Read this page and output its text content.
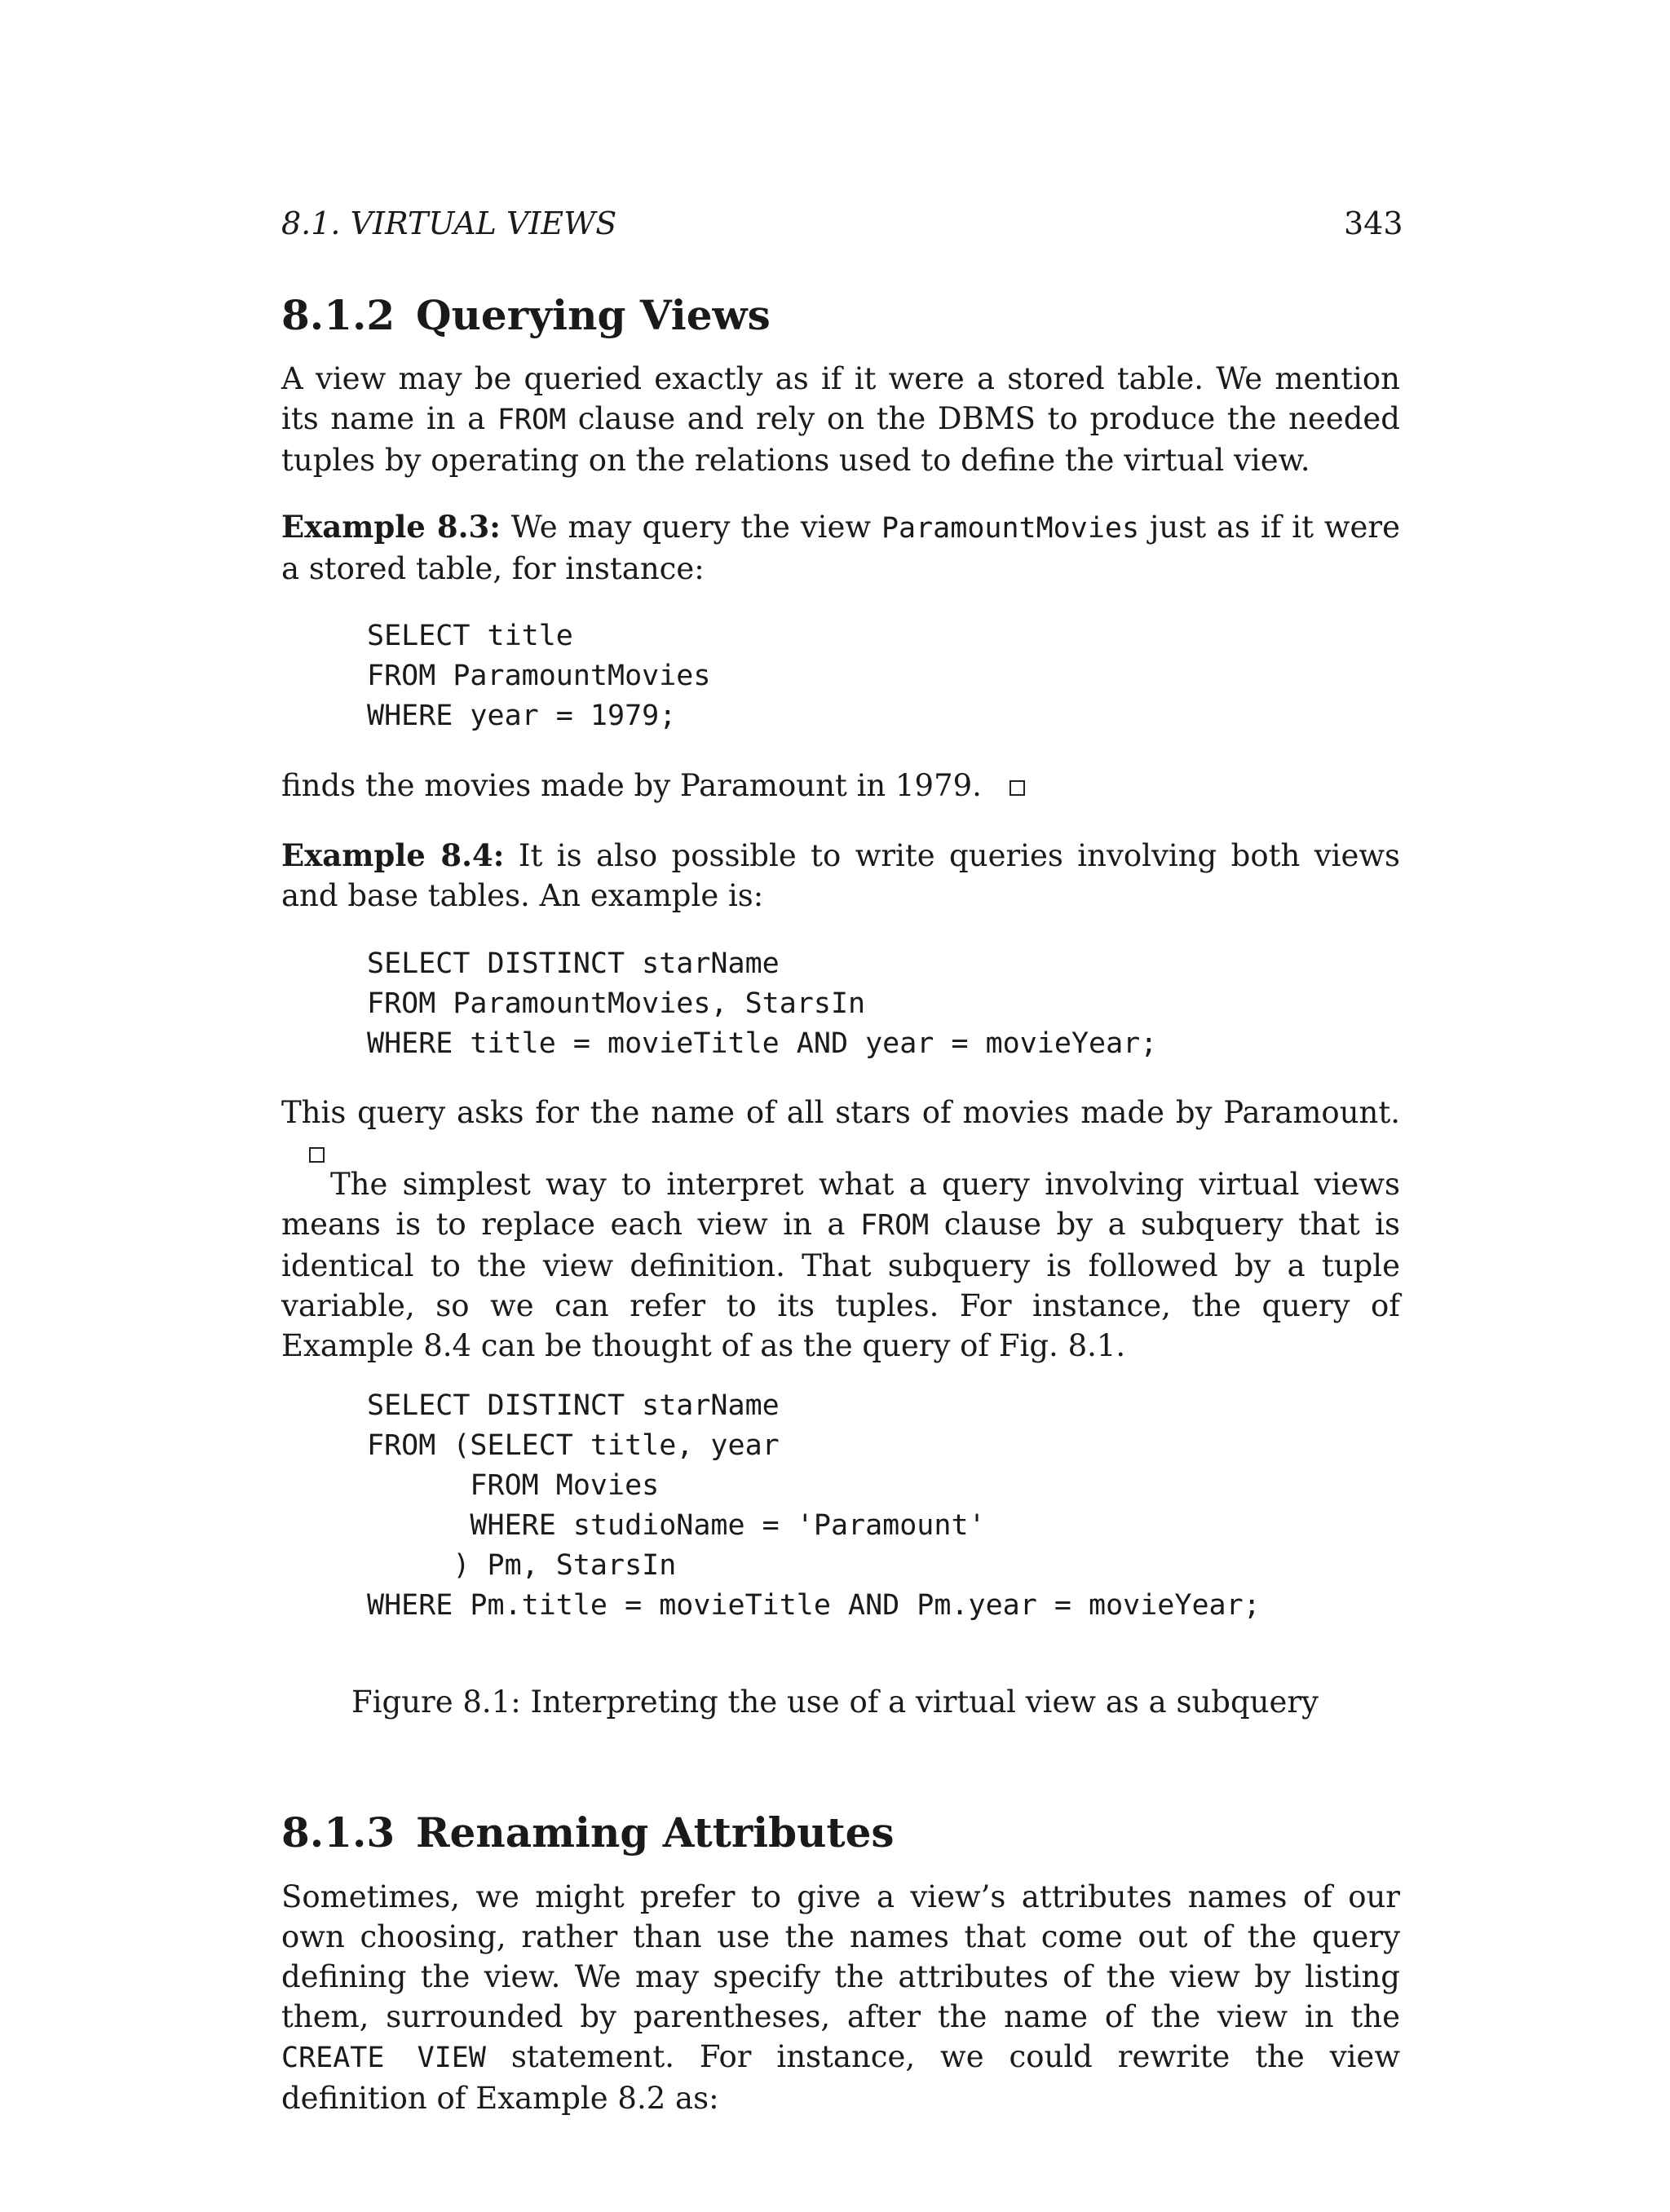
8.1. VIRTUAL VIEWS	343
8.1.2 Querying Views

A view may be queried exactly as if it were a stored table. We mention its name in a FROM clause and rely on the DBMS to produce the needed tuples by operating on the relations used to define the virtual view.

Example 8.3: We may query the view ParamountMovies just as if it were a stored table, for instance:

SELECT title
FROM ParamountMovies
WHERE year = 1979;

finds the movies made by Paramount in 1979.

Example 8.4: It is also possible to write queries involving both views and base tables. An example is:

SELECT DISTINCT starName
FROM ParamountMovies, StarsIn
WHERE title = movieTitle AND year = movieYear;

This query asks for the name of all stars of movies made by Paramount.

The simplest way to interpret what a query involving virtual views means is to replace each view in a FROM clause by a subquery that is identical to the view definition. That subquery is followed by a tuple variable, so we can refer to its tuples. For instance, the query of Example 8.4 can be thought of as the query of Fig. 8.1.

SELECT DISTINCT starName
FROM (SELECT title, year
FROM Movies
WHERE studioName = 'Paramount'
) Pm, StarsIn
WHERE Pm.title = movieTitle AND Pm.year = movieYear;
Figure 8.1: Interpreting the use of a virtual view as a subquery
8.1.3 Renaming Attributes

Sometimes, we might prefer to give a view’s attributes names of our own choosing, rather than use the names that come out of the query defining the view. We may specify the attributes of the view by listing them, surrounded by parentheses, after the name of the view in the CREATE VIEW statement. For instance, we could rewrite the view definition of Example 8.2 as:
